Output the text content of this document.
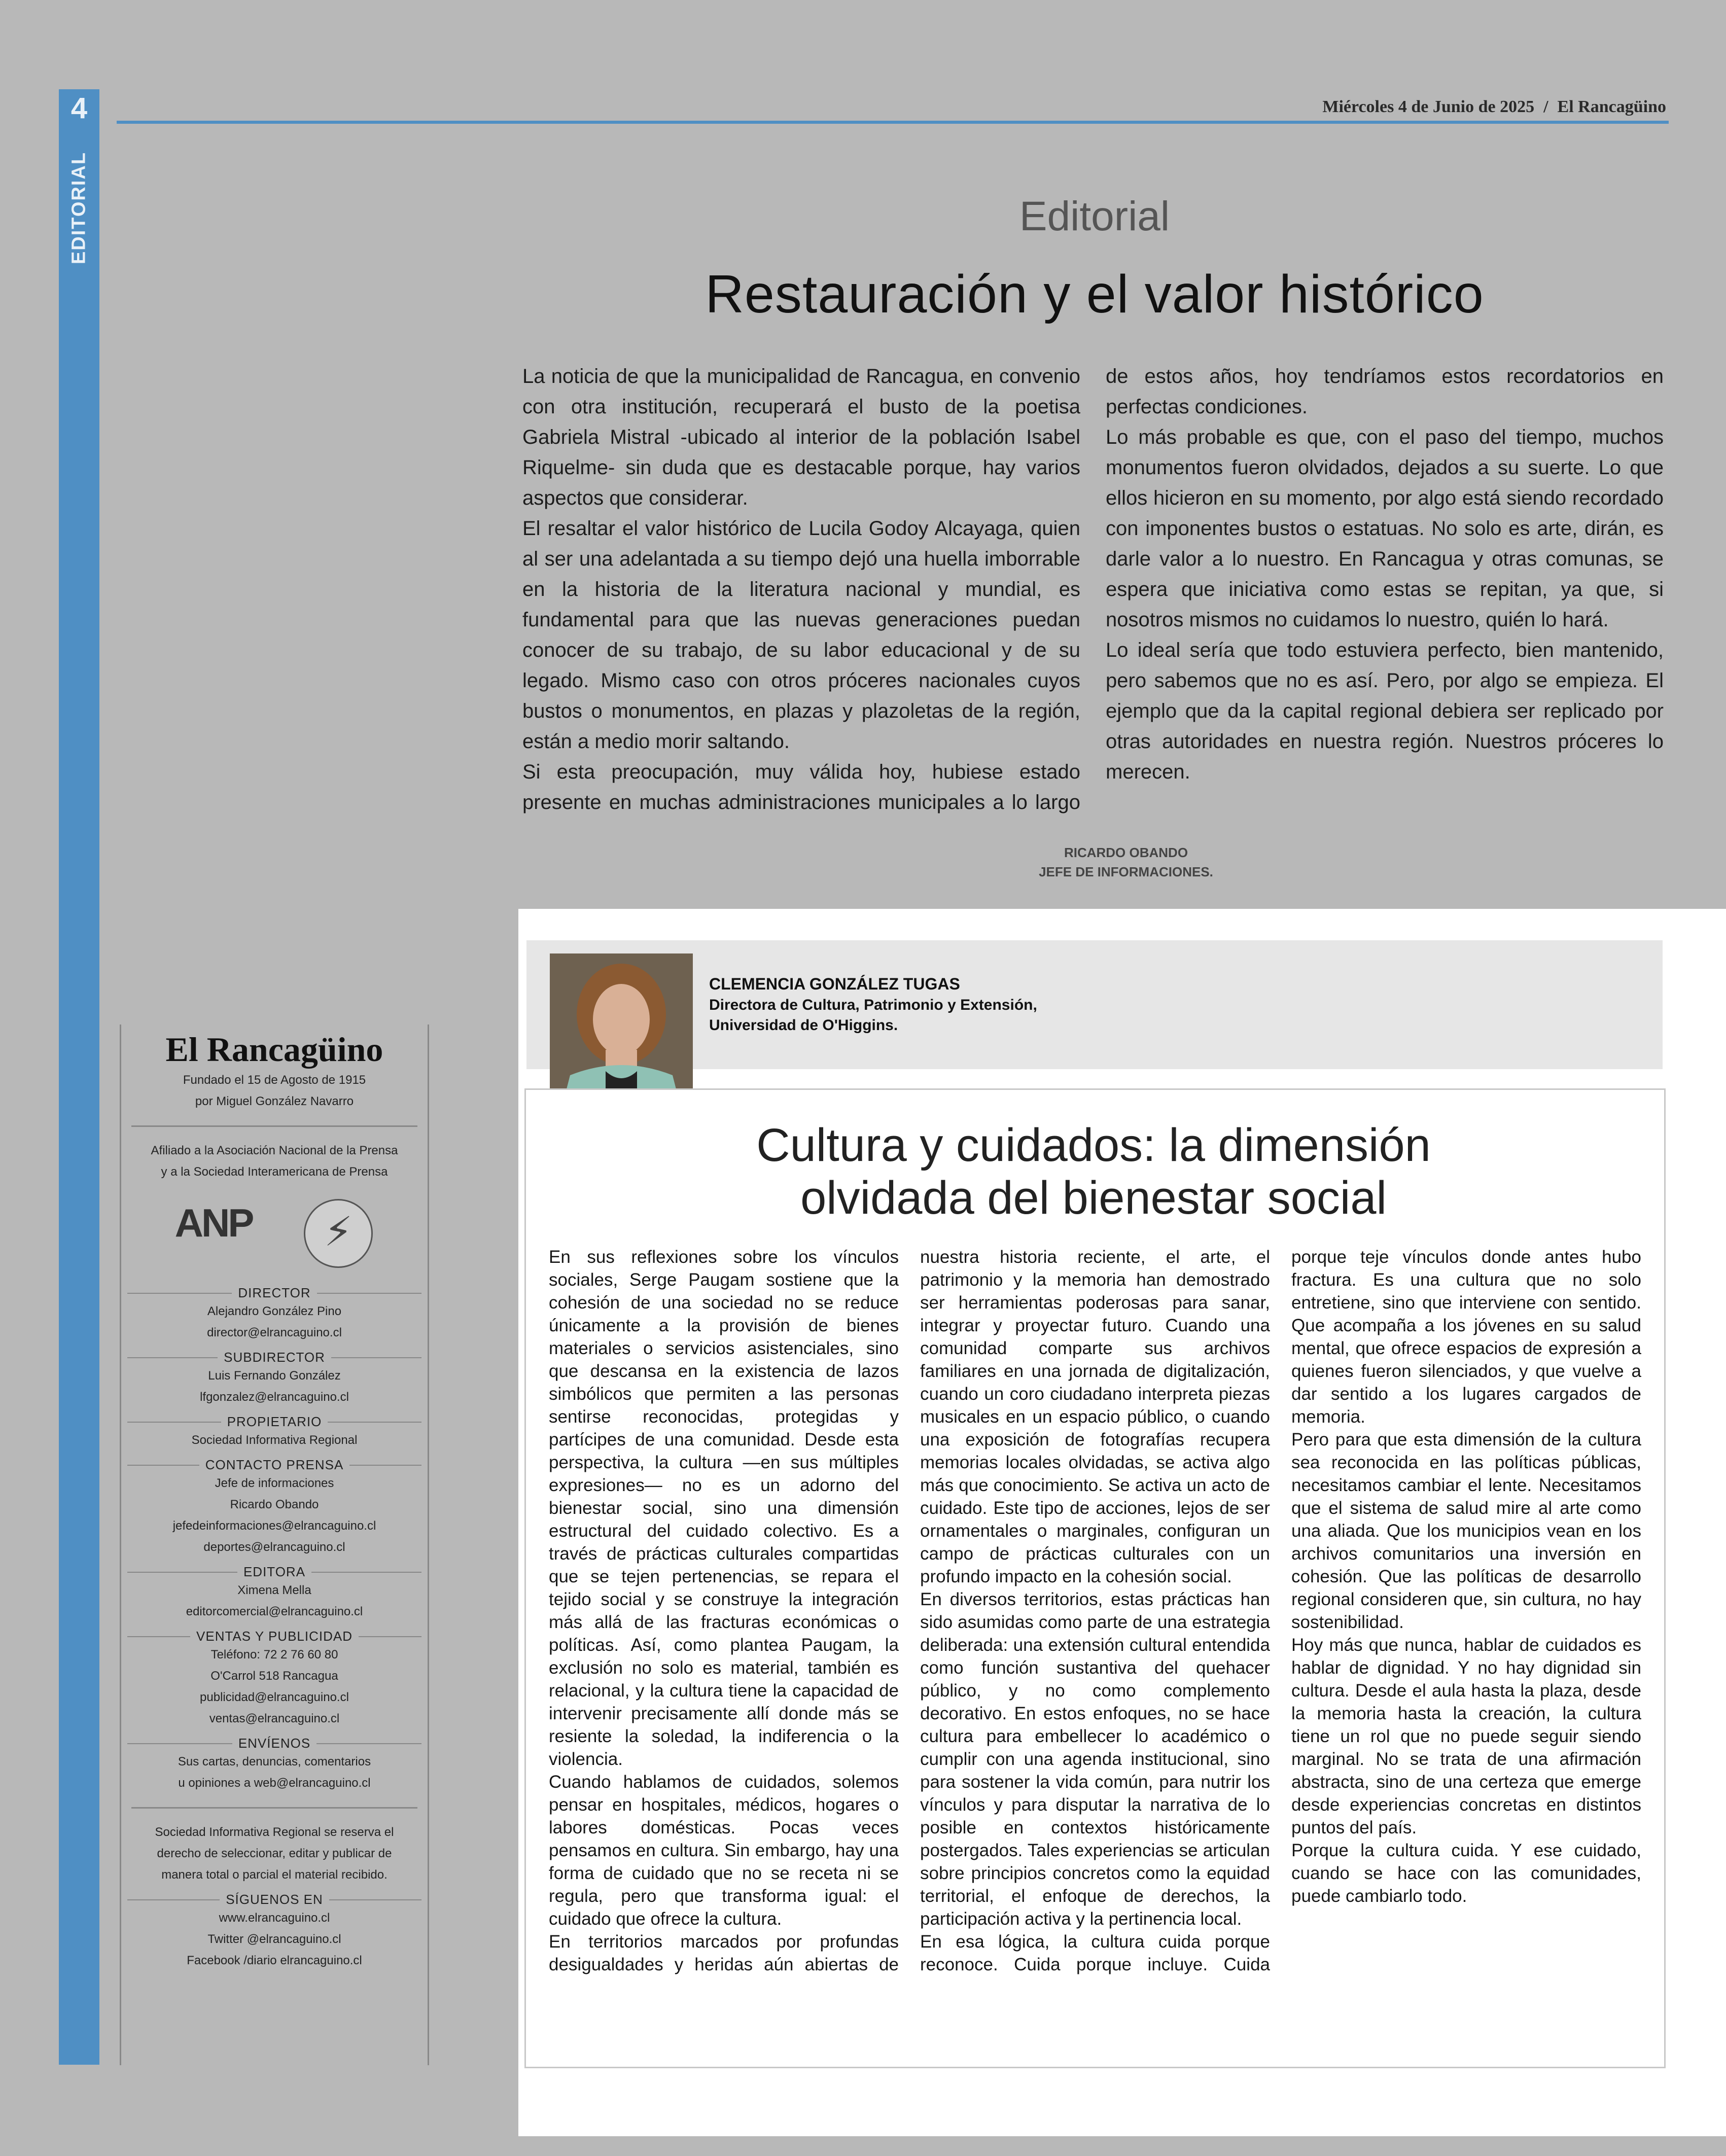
4
EDITORIAL
Miércoles 4 de Junio de 2025 / El Rancagüino
Editorial
Restauración y el valor histórico

La noticia de que la municipalidad de Rancagua, en convenio con otra institución, recuperará el busto de la poetisa Gabriela Mistral -ubicado al interior de la población Isabel Riquelme- sin duda que es destacable porque, hay varios aspectos que considerar.

El resaltar el valor histórico de Lucila Godoy Alcayaga, quien al ser una adelantada a su tiempo dejó una huella imborrable en la historia de la literatura nacional y mundial, es fundamental para que las nuevas generaciones puedan conocer de su trabajo, de su labor educacional y de su legado. Mismo caso con otros próceres nacionales cuyos bustos o monumentos, en plazas y plazoletas de la región, están a medio morir saltando.

Si esta preocupación, muy válida hoy, hubiese estado presente en muchas administraciones municipales a lo largo de estos años, hoy tendríamos estos recordatorios en perfectas condiciones.

Lo más probable es que, con el paso del tiempo, muchos monumentos fueron olvidados, dejados a su suerte. Lo que ellos hicieron en su momento, por algo está siendo recordado con imponentes bustos o estatuas. No solo es arte, dirán, es darle valor a lo nuestro. En Rancagua y otras comunas, se espera que iniciativa como estas se repitan, ya que, si nosotros mismos no cuidamos lo nuestro, quién lo hará.

Lo ideal sería que todo estuviera perfecto, bien mantenido, pero sabemos que no es así. Pero, por algo se empieza. El ejemplo que da la capital regional debiera ser replicado por otras autoridades en nuestra región. Nuestros próceres lo merecen.

RICARDO OBANDO
JEFE DE INFORMACIONES.
El Rancagüino
Fundado el 15 de Agosto de 1915
por Miguel González Navarro
Afiliado a la Asociación Nacional de la Prensa
y a la Sociedad Interamericana de Prensa
ANP ⚡
DIRECTOR
Alejandro González Pino
director@elrancaguino.cl
SUBDIRECTOR
Luis Fernando González
lfgonzalez@elrancaguino.cl
PROPIETARIO
Sociedad Informativa Regional
CONTACTO PRENSA
Jefe de informaciones
Ricardo Obando
jefedeinformaciones@elrancaguino.cl
deportes@elrancaguino.cl
EDITORA
Ximena Mella
editorcomercial@elrancaguino.cl
VENTAS Y PUBLICIDAD
Teléfono: 72 2 76 60 80
O'Carrol 518 Rancagua
publicidad@elrancaguino.cl
ventas@elrancaguino.cl
ENVÍENOS
Sus cartas, denuncias, comentarios
u opiniones a web@elrancaguino.cl
Sociedad Informativa Regional se reserva el
derecho de seleccionar, editar y publicar de
manera total o parcial el material recibido.
SÍGUENOS EN
www.elrancaguino.cl
Twitter @elrancaguino.cl
Facebook /diario elrancaguino.cl
CLEMENCIA GONZÁLEZ TUGAS
Directora de Cultura, Patrimonio y Extensión, Universidad de O'Higgins.
Cultura y cuidados: la dimensión
olvidada del bienestar social

En sus reflexiones sobre los vínculos sociales, Serge Paugam sostiene que la cohesión de una sociedad no se reduce únicamente a la provisión de bienes materiales o servicios asistenciales, sino que descansa en la existencia de lazos simbólicos que permiten a las personas sentirse reconocidas, protegidas y partícipes de una comunidad. Desde esta perspectiva, la cultura —en sus múltiples expresiones— no es un adorno del bienestar social, sino una dimensión estructural del cuidado colectivo. Es a través de prácticas culturales compartidas que se tejen pertenencias, se repara el tejido social y se construye la integración más allá de las fracturas económicas o políticas. Así, como plantea Paugam, la exclusión no solo es material, también es relacional, y la cultura tiene la capacidad de intervenir precisamente allí donde más se resiente la soledad, la indiferencia o la violencia.

Cuando hablamos de cuidados, solemos pensar en hospitales, médicos, hogares o labores domésticas. Pocas veces pensamos en cultura. Sin embargo, hay una forma de cuidado que no se receta ni se regula, pero que transforma igual: el cuidado que ofrece la cultura.

En territorios marcados por profundas desigualdades y heridas aún abiertas de nuestra historia reciente, el arte, el patrimonio y la memoria han demostrado ser herramientas poderosas para sanar, integrar y proyectar futuro. Cuando una comunidad comparte sus archivos familiares en una jornada de digitalización, cuando un coro ciudadano interpreta piezas musicales en un espacio público, o cuando una exposición de fotografías recupera memorias locales olvidadas, se activa algo más que conocimiento. Se activa un acto de cuidado. Este tipo de acciones, lejos de ser ornamentales o marginales, configuran un campo de prácticas culturales con un profundo impacto en la cohesión social.

En diversos territorios, estas prácticas han sido asumidas como parte de una estrategia deliberada: una extensión cultural entendida como función sustantiva del quehacer público, y no como complemento decorativo. En estos enfoques, no se hace cultura para embellecer lo académico o cumplir con una agenda institucional, sino para sostener la vida común, para nutrir los vínculos y para disputar la narrativa de lo posible en contextos históricamente postergados. Tales experiencias se articulan sobre principios concretos como la equidad territorial, el enfoque de derechos, la participación activa y la pertinencia local.

En esa lógica, la cultura cuida porque reconoce. Cuida porque incluye. Cuida porque teje vínculos donde antes hubo fractura. Es una cultura que no solo entretiene, sino que interviene con sentido. Que acompaña a los jóvenes en su salud mental, que ofrece espacios de expresión a quienes fueron silenciados, y que vuelve a dar sentido a los lugares cargados de memoria.

Pero para que esta dimensión de la cultura sea reconocida en las políticas públicas, necesitamos cambiar el lente. Necesitamos que el sistema de salud mire al arte como una aliada. Que los municipios vean en los archivos comunitarios una inversión en cohesión. Que las políticas de desarrollo regional consideren que, sin cultura, no hay sostenibilidad.

Hoy más que nunca, hablar de cuidados es hablar de dignidad. Y no hay dignidad sin cultura. Desde el aula hasta la plaza, desde la memoria hasta la creación, la cultura tiene un rol que no puede seguir siendo marginal. No se trata de una afirmación abstracta, sino de una certeza que emerge desde experiencias concretas en distintos puntos del país.

Porque la cultura cuida. Y ese cuidado, cuando se hace con las comunidades, puede cambiarlo todo.
